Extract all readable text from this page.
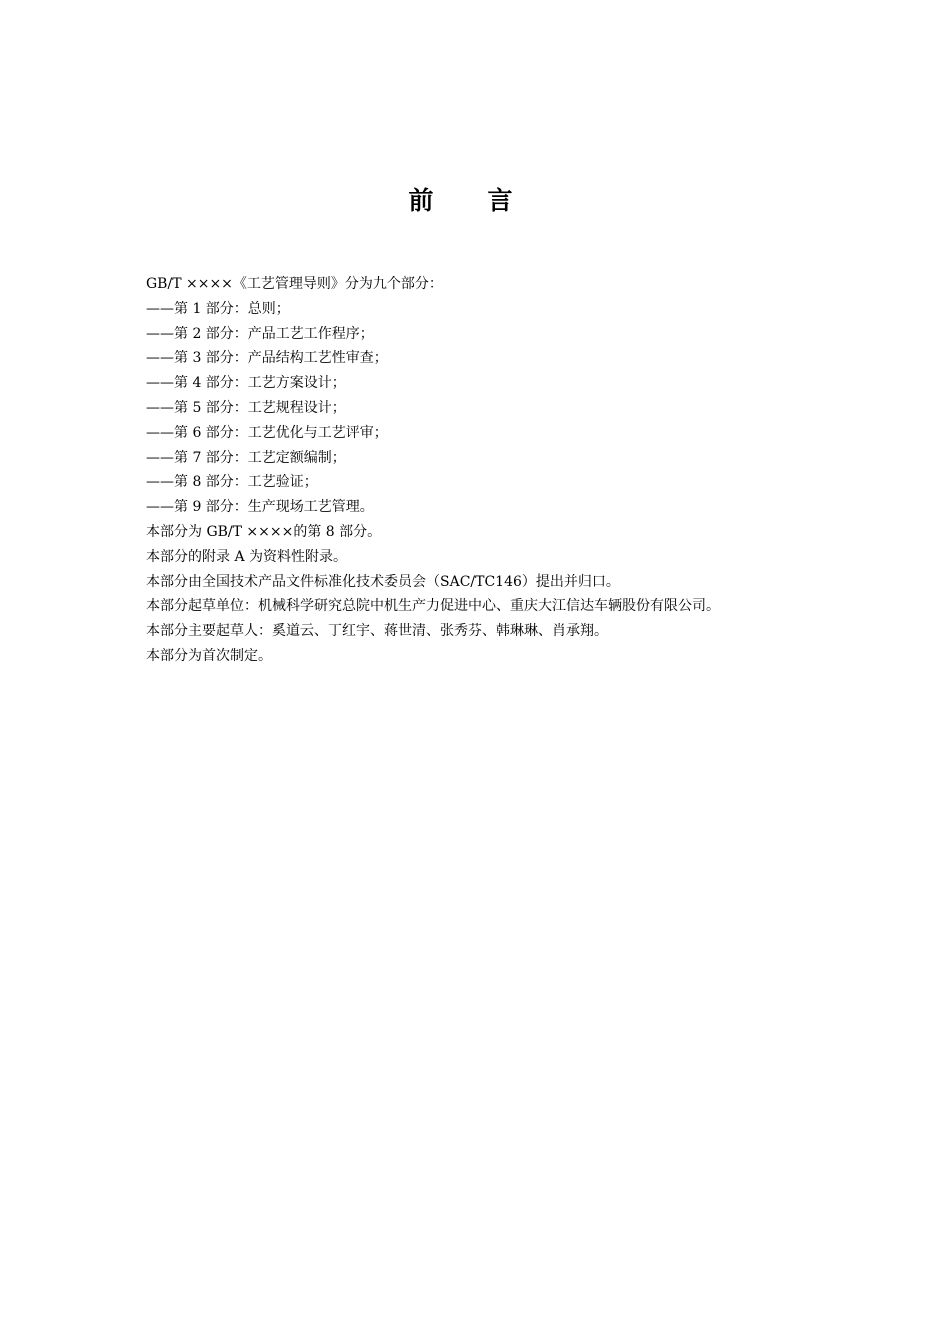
前言
GB/T ××××《工艺管理导则》分为九个部分：
——第 1 部分：总则；
——第 2 部分：产品工艺工作程序；
——第 3 部分：产品结构工艺性审查；
——第 4 部分：工艺方案设计；
——第 5 部分：工艺规程设计；
——第 6 部分：工艺优化与工艺评审；
——第 7 部分：工艺定额编制；
——第 8 部分：工艺验证；
——第 9 部分：生产现场工艺管理。
本部分为 GB/T ××××的第 8 部分。
本部分的附录 A 为资料性附录。
本部分由全国技术产品文件标准化技术委员会（SAC/TC146）提出并归口。
本部分起草单位：机械科学研究总院中机生产力促进中心、重庆大江信达车辆股份有限公司。
本部分主要起草人：奚道云、丁红宇、蒋世清、张秀芬、韩琳琳、肖承翔。
本部分为首次制定。
